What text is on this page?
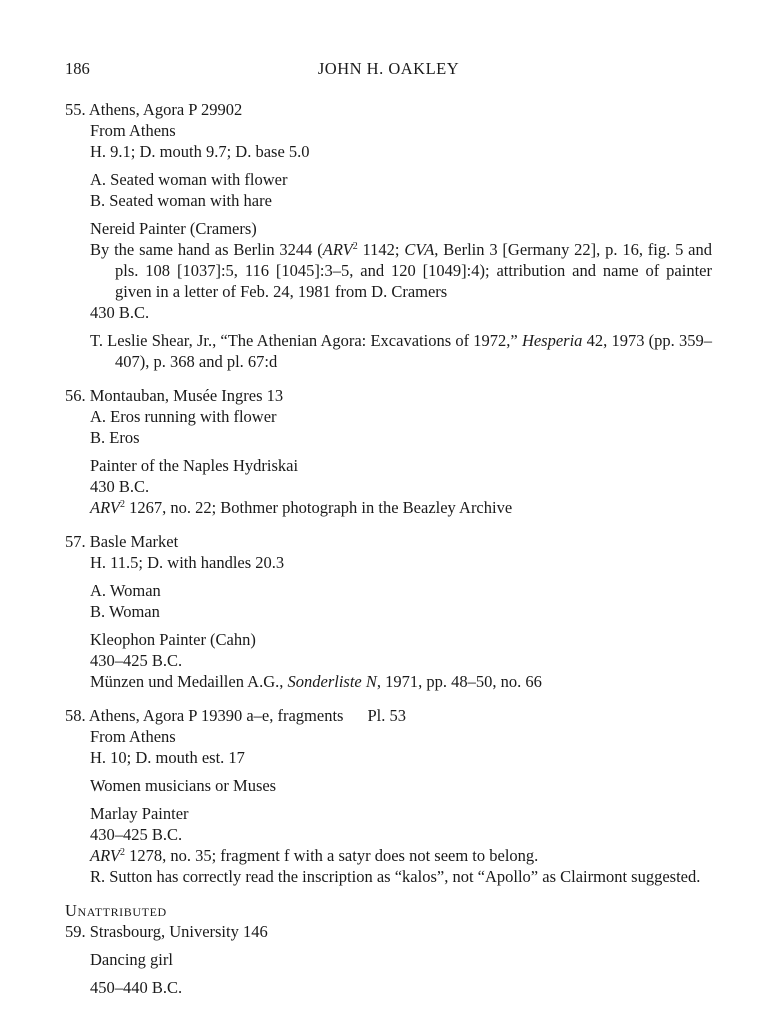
186	JOHN H. OAKLEY
55. Athens, Agora P 29902
From Athens
H. 9.1; D. mouth 9.7; D. base 5.0
A. Seated woman with flower
B. Seated woman with hare
Nereid Painter (Cramers)
By the same hand as Berlin 3244 (ARV$^2$ 1142; CVA, Berlin 3 [Germany 22], p. 16, fig. 5 and pls. 108 [1037]:5, 116 [1045]:3–5, and 120 [1049]:4); attribution and name of painter given in a letter of Feb. 24, 1981 from D. Cramers
430 B.C.
T. Leslie Shear, Jr., “The Athenian Agora: Excavations of 1972,” Hesperia 42, 1973 (pp. 359–407), p. 368 and pl. 67:d
56. Montauban, Musée Ingres 13
A. Eros running with flower
B. Eros
Painter of the Naples Hydriskai
430 B.C.
ARV$^2$ 1267, no. 22; Bothmer photograph in the Beazley Archive
57. Basle Market
H. 11.5; D. with handles 20.3
A. Woman
B. Woman
Kleophon Painter (Cahn)
430–425 B.C.
Münzen und Medaillen A.G., Sonderliste N, 1971, pp. 48–50, no. 66
58. Athens, Agora P 19390 a–e, fragments Pl. 53
From Athens
H. 10; D. mouth est. 17
Women musicians or Muses
Marlay Painter
430–425 B.C.
ARV$^2$ 1278, no. 35; fragment f with a satyr does not seem to belong.
R. Sutton has correctly read the inscription as “kalos”, not “Apollo” as Clairmont suggested.
Unattributed
59. Strasbourg, University 146
Dancing girl
450–440 B.C.
